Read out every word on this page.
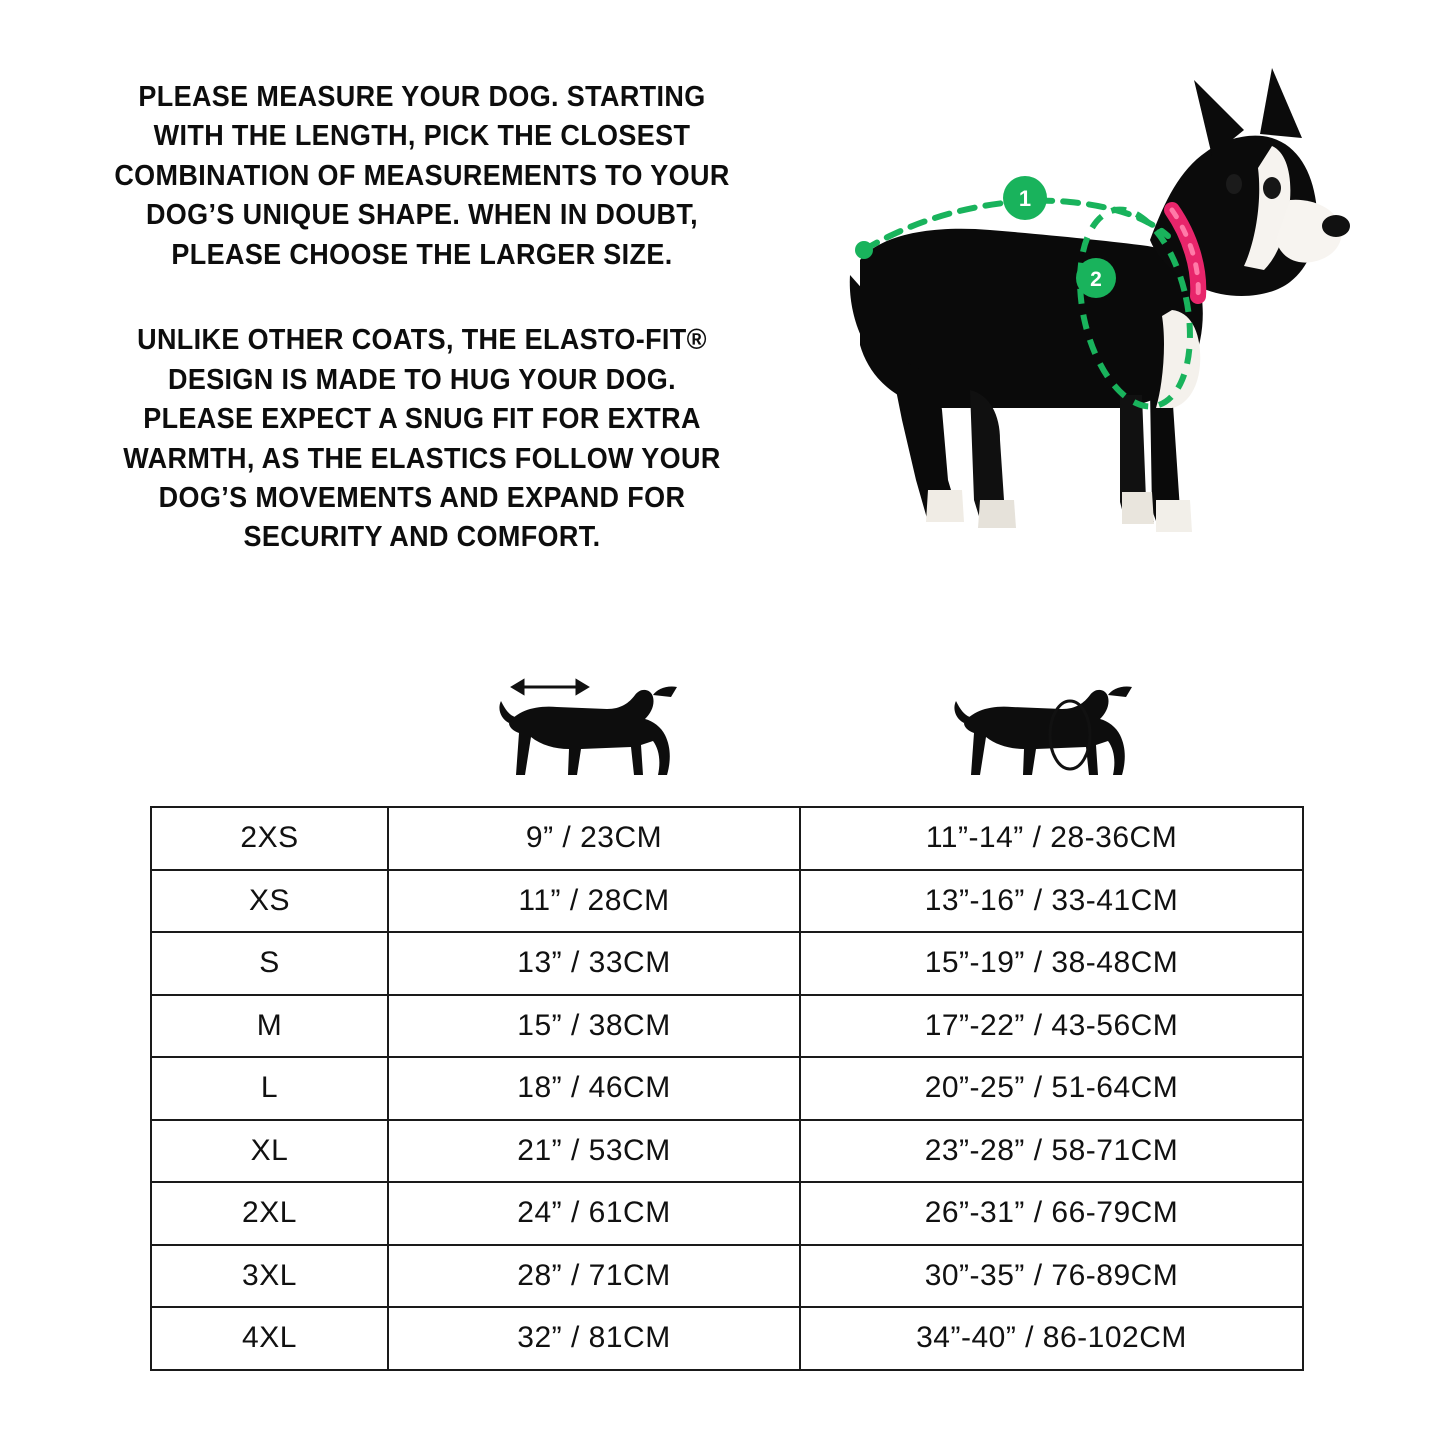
PLEASE MEASURE YOUR DOG. STARTING WITH THE LENGTH, PICK THE CLOSEST COMBINATION OF MEASUREMENTS TO YOUR DOG’S UNIQUE SHAPE. WHEN IN DOUBT, PLEASE CHOOSE THE LARGER SIZE.
UNLIKE OTHER COATS, THE ELASTO-FIT® DESIGN IS MADE TO HUG YOUR DOG. PLEASE EXPECT A SNUG FIT FOR EXTRA WARMTH, AS THE ELASTICS FOLLOW YOUR DOG’S MOVEMENTS AND EXPAND FOR SECURITY AND COMFORT.
1
2
2XS	9” / 23CM	11”-14” / 28-36CM
XS	11” / 28CM	13”-16” / 33-41CM
S	13” / 33CM	15”-19” / 38-48CM
M	15” / 38CM	17”-22” / 43-56CM
L	18” / 46CM	20”-25” / 51-64CM
XL	21” / 53CM	23”-28” / 58-71CM
2XL	24” / 61CM	26”-31” / 66-79CM
3XL	28” / 71CM	30”-35” / 76-89CM
4XL	32” / 81CM	34”-40” / 86-102CM
